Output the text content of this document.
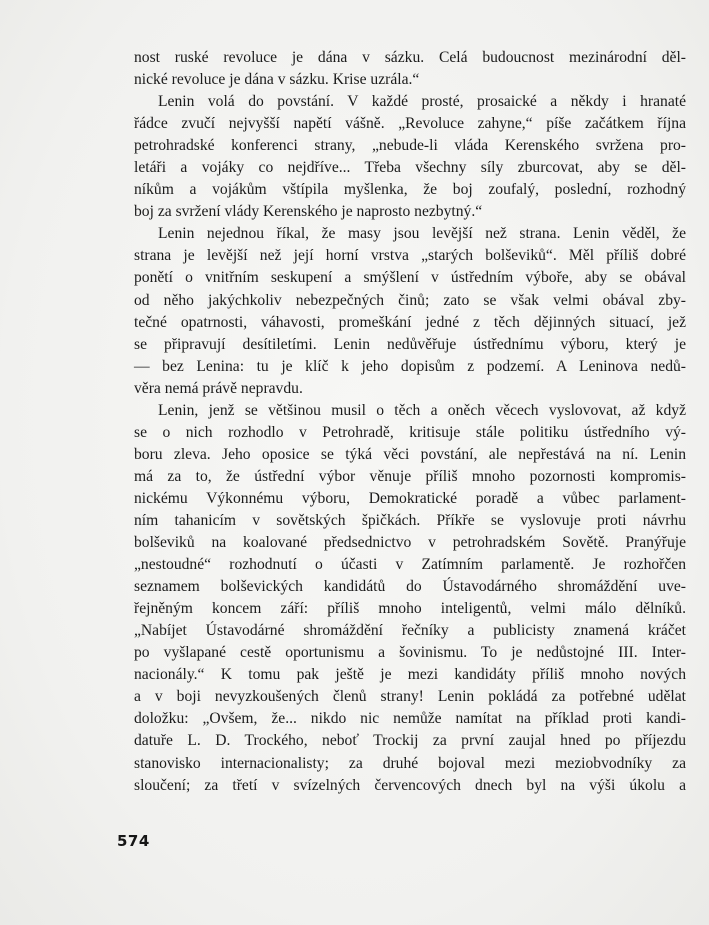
nost ruské revoluce je dána v sázku. Celá budoucnost mezinárodní děl-
nické revoluce je dána v sázku. Krise uzrála.“
Lenin volá do povstání. V každé prosté, prosaické a někdy i hranaté
řádce zvučí nejvyšší napětí vášně. „Revoluce zahyne,“ píše začátkem října
petrohradské konferenci strany, „nebude-li vláda Kerenského svržena pro-
letáři a vojáky co nejdříve... Třeba všechny síly zburcovat, aby se děl-
níkům a vojákům vštípila myšlenka, že boj zoufalý, poslední, rozhodný
boj za svržení vlády Kerenského je naprosto nezbytný.“
Lenin nejednou říkal, že masy jsou levější než strana. Lenin věděl, že
strana je levější než její horní vrstva „starých bolševiků“. Měl příliš dobré
ponětí o vnitřním seskupení a smýšlení v ústředním výboře, aby se obával
od něho jakýchkoliv nebezpečných činů; zato se však velmi obával zby-
tečné opatrnosti, váhavosti, promeškání jedné z těch dějinných situací, jež
se připravují desítiletími. Lenin nedůvěřuje ústřednímu výboru, který je
— bez Lenina: tu je klíč k jeho dopisům z podzemí. A Leninova nedů-
věra nemá právě nepravdu.
Lenin, jenž se většinou musil o těch a oněch věcech vyslovovat, až když
se o nich rozhodlo v Petrohradě, kritisuje stále politiku ústředního vý-
boru zleva. Jeho oposice se týká věci povstání, ale nepřestává na ní. Lenin
má za to, že ústřední výbor věnuje příliš mnoho pozornosti kompromis-
nickému Výkonnému výboru, Demokratické poradě a vůbec parlament-
ním tahanicím v sovětských špičkách. Příkře se vyslovuje proti návrhu
bolševiků na koalované předsednictvo v petrohradském Sovětě. Pranýřuje
„nestoudné“ rozhodnutí o účasti v Zatímním parlamentě. Je rozhořčen
seznamem bolševických kandidátů do Ústavodárného shromáždění uve-
řejněným koncem září: příliš mnoho inteligentů, velmi málo dělníků.
„Nabíjet Ústavodárné shromáždění řečníky a publicisty znamená kráčet
po vyšlapané cestě oportunismu a šovinismu. To je nedůstojné III. Inter-
nacionály.“ K tomu pak ještě je mezi kandidáty příliš mnoho nových
a v boji nevyzkoušených členů strany! Lenin pokládá za potřebné udělat
doložku: „Ovšem, že... nikdo nic nemůže namítat na příklad proti kandi-
datuře L. D. Trockého, neboť Trockij za první zaujal hned po příjezdu
stanovisko internacionalisty; za druhé bojoval mezi meziobvodníky za
sloučení; za třetí v svízelných červencových dnech byl na výši úkolu a
574
